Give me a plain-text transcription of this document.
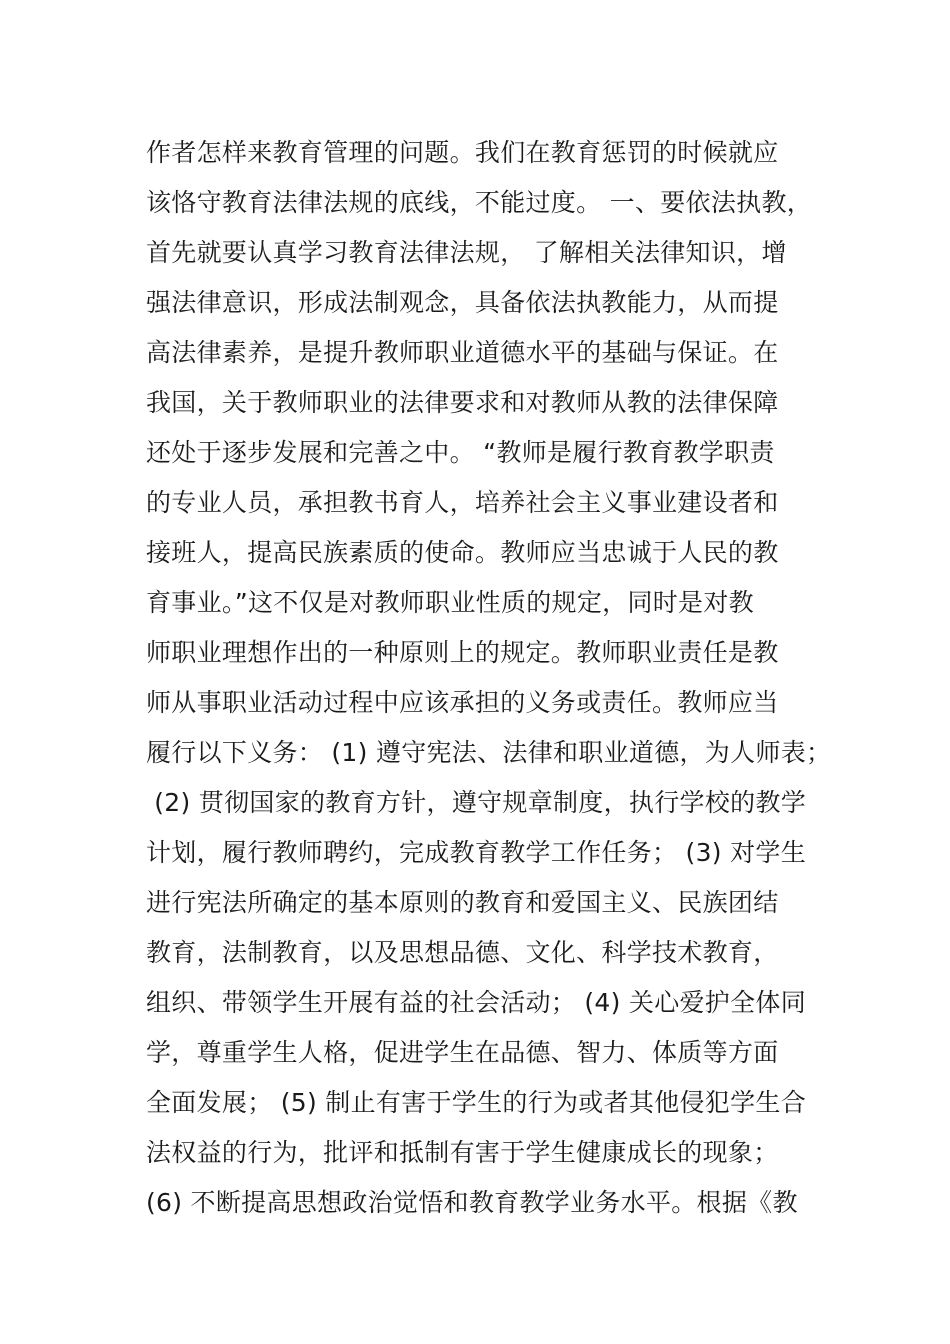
作者怎样来教育管理的问题。我们在教育惩罚的时候就应
该恪守教育法律法规的底线，不能过度。 一、要依法执教，
首先就要认真学习教育法律法规， 了解相关法律知识，增
强法律意识，形成法制观念，具备依法执教能力，从而提
高法律素养，是提升教师职业道德水平的基础与保证。在
我国，关于教师职业的法律要求和对教师从教的法律保障
还处于逐步发展和完善之中。 “教师是履行教育教学职责
的专业人员，承担教书育人，培养社会主义事业建设者和
接班人，提高民族素质的使命。教师应当忠诚于人民的教
育事业。”这不仅是对教师职业性质的规定，同时是对教
师职业理想作出的一种原则上的规定。教师职业责任是教
师从事职业活动过程中应该承担的义务或责任。教师应当
履行以下义务： (1) 遵守宪法、法律和职业道德，为人师表；
(2) 贯彻国家的教育方针，遵守规章制度，执行学校的教学
计划，履行教师聘约，完成教育教学工作任务； (3) 对学生
进行宪法所确定的基本原则的教育和爱国主义、民族团结
教育，法制教育，以及思想品德、文化、科学技术教育，
组织、带领学生开展有益的社会活动； (4) 关心爱护全体同
学，尊重学生人格，促进学生在品德、智力、体质等方面
全面发展； (5) 制止有害于学生的行为或者其他侵犯学生合
法权益的行为，批评和抵制有害于学生健康成长的现象；
(6) 不断提高思想政治觉悟和教育教学业务水平。根据《教
